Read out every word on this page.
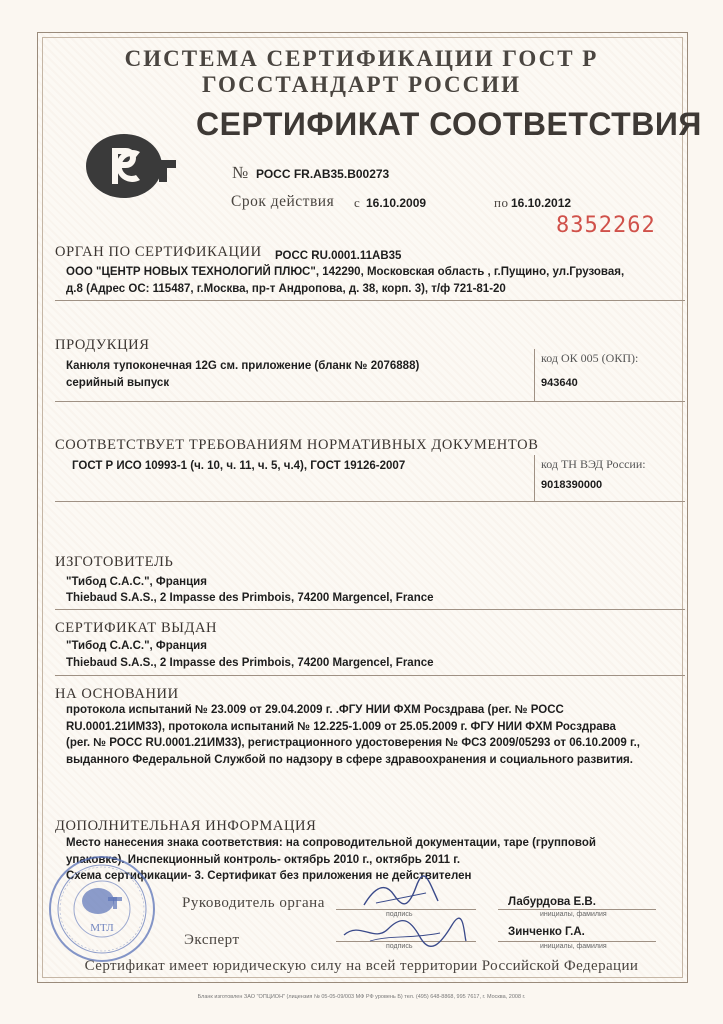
СИСТЕМА СЕРТИФИКАЦИИ ГОСТ Р
ГОССТАНДАРТ РОССИИ
СЕРТИФИКАТ СООТВЕТСТВИЯ
№ РОСС FR.AB35.B00273
Срок действия с 16.10.2009	по 16.10.2012
8352262
ОРГАН ПО СЕРТИФИКАЦИИ РОСС RU.0001.11AB35
ООО "ЦЕНТР НОВЫХ ТЕХНОЛОГИЙ ПЛЮС", 142290, Московская область , г.Пущино, ул.Грузовая,
д.8 (Адрес ОС: 115487, г.Москва, пр-т Андропова, д. 38, корп. 3), т/ф 721-81-20
ПРОДУКЦИЯ
Канюля тупоконечная 12G см. приложение (бланк № 2076888)
серийный выпуск
код ОК 005 (ОКП):
943640
СООТВЕТСТВУЕТ ТРЕБОВАНИЯМ НОРМАТИВНЫХ ДОКУМЕНТОВ
ГОСТ Р ИСО 10993-1 (ч. 10, ч. 11, ч. 5, ч.4), ГОСТ 19126-2007	код ТН ВЭД России:
9018390000
ИЗГОТОВИТЕЛЬ
"Тибод С.А.С.", Франция
Thiebaud S.A.S., 2 Impasse des Primbois, 74200 Margencel, France
СЕРТИФИКАТ ВЫДАН
"Тибод С.А.С.", Франция
Thiebaud S.A.S., 2 Impasse des Primbois, 74200 Margencel, France
НА ОСНОВАНИИ
протокола испытаний № 23.009 от 29.04.2009 г. .ФГУ НИИ ФХМ Росздрава (рег. № РОСС
RU.0001.21ИМ33), протокола испытаний № 12.225-1.009 от 25.05.2009 г. ФГУ НИИ ФХМ Росздрава
(рег. № РОСС RU.0001.21ИМ33), регистрационного удостоверения № ФСЗ 2009/05293 от 06.10.2009 г.,
выданного Федеральной Службой по надзору в сфере здравоохранения и социального развития.
ДОПОЛНИТЕЛЬНАЯ ИНФОРМАЦИЯ
Место нанесения знака соответствия: на сопроводительной документации, таре (групповой
упаковке). Инспекционный контроль- октябрь 2010 г., октябрь 2011 г.
Схема сертификации- 3. Сертификат без приложения не действителен
МТЛ
Руководитель органа
подпись
Лабурдова Е.В.
инициалы, фамилия
Эксперт	подпись
Зинченко Г.А.
инициалы, фамилия
Сертификат имеет юридическую силу на всей территории Российской Федерации
Бланк изготовлен ЗАО "ОПЦИОН" (лицензия № 05-05-09/003 МФ РФ уровень Б) тел. (495) 648-8868, 995 7617, г. Москва, 2008 г.
